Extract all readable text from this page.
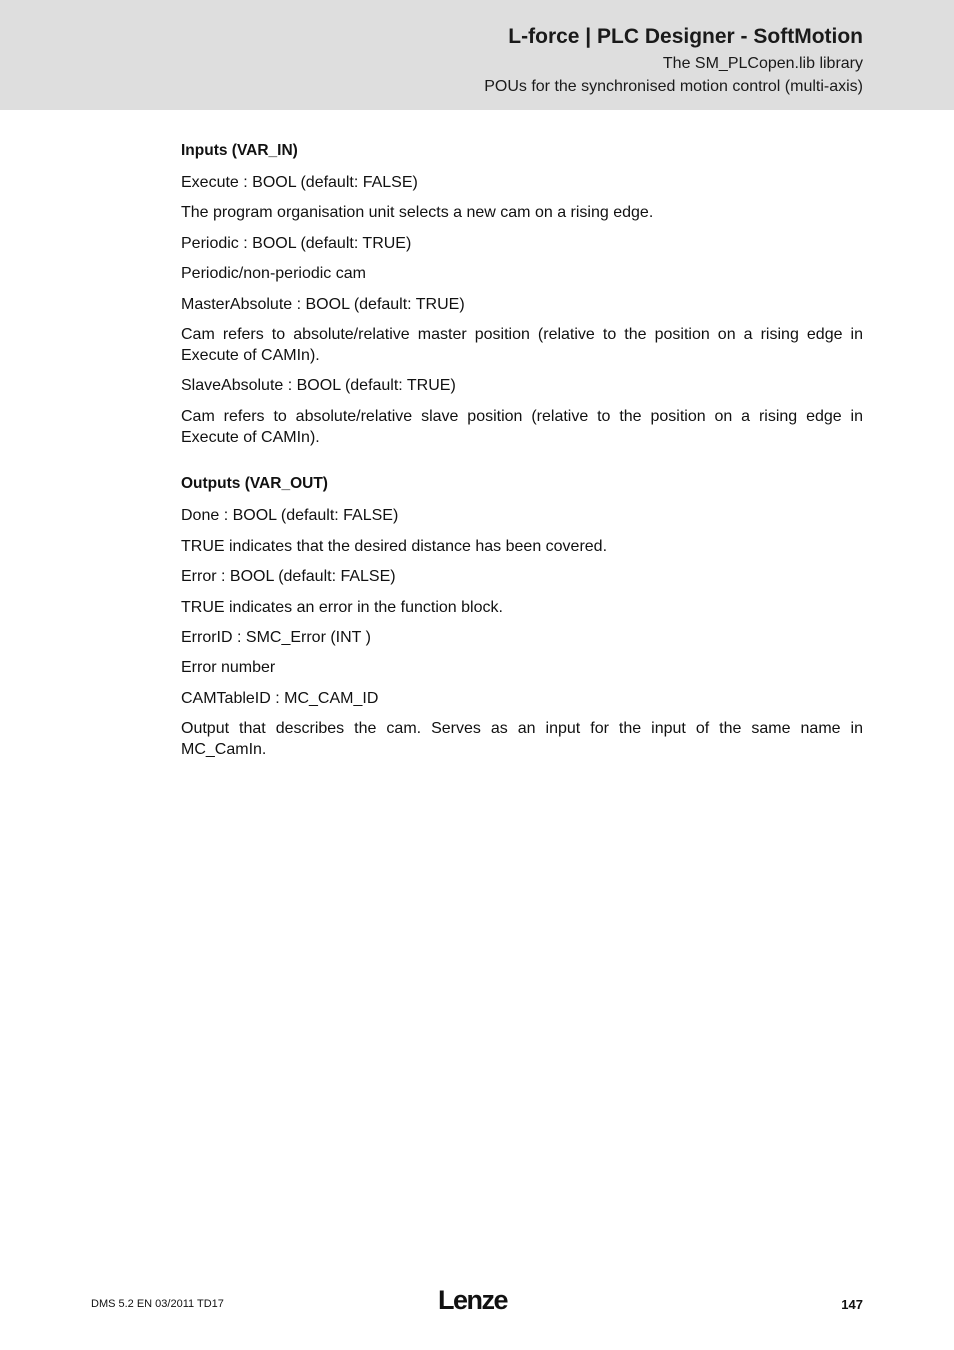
L-force | PLC Designer - SoftMotion
The SM_PLCopen.lib library
POUs for the synchronised motion control (multi-axis)
Inputs (VAR_IN)
Execute : BOOL (default: FALSE)
The program organisation unit selects a new cam on a rising edge.
Periodic : BOOL (default: TRUE)
Periodic/non-periodic cam
MasterAbsolute : BOOL (default: TRUE)
Cam refers to absolute/relative master position (relative to the position on a rising edge in Execute of CAMIn).
SlaveAbsolute : BOOL (default: TRUE)
Cam refers to absolute/relative slave position (relative to the position on a rising edge in Execute of CAMIn).
Outputs (VAR_OUT)
Done : BOOL (default: FALSE)
TRUE indicates that the desired distance has been covered.
Error : BOOL (default: FALSE)
TRUE indicates an error in the function block.
ErrorID : SMC_Error (INT )
Error number
CAMTableID : MC_CAM_ID
Output that describes the cam. Serves as an input for the input of the same name in MC_CamIn.
DMS 5.2 EN 03/2011 TD17	Lenze	147
